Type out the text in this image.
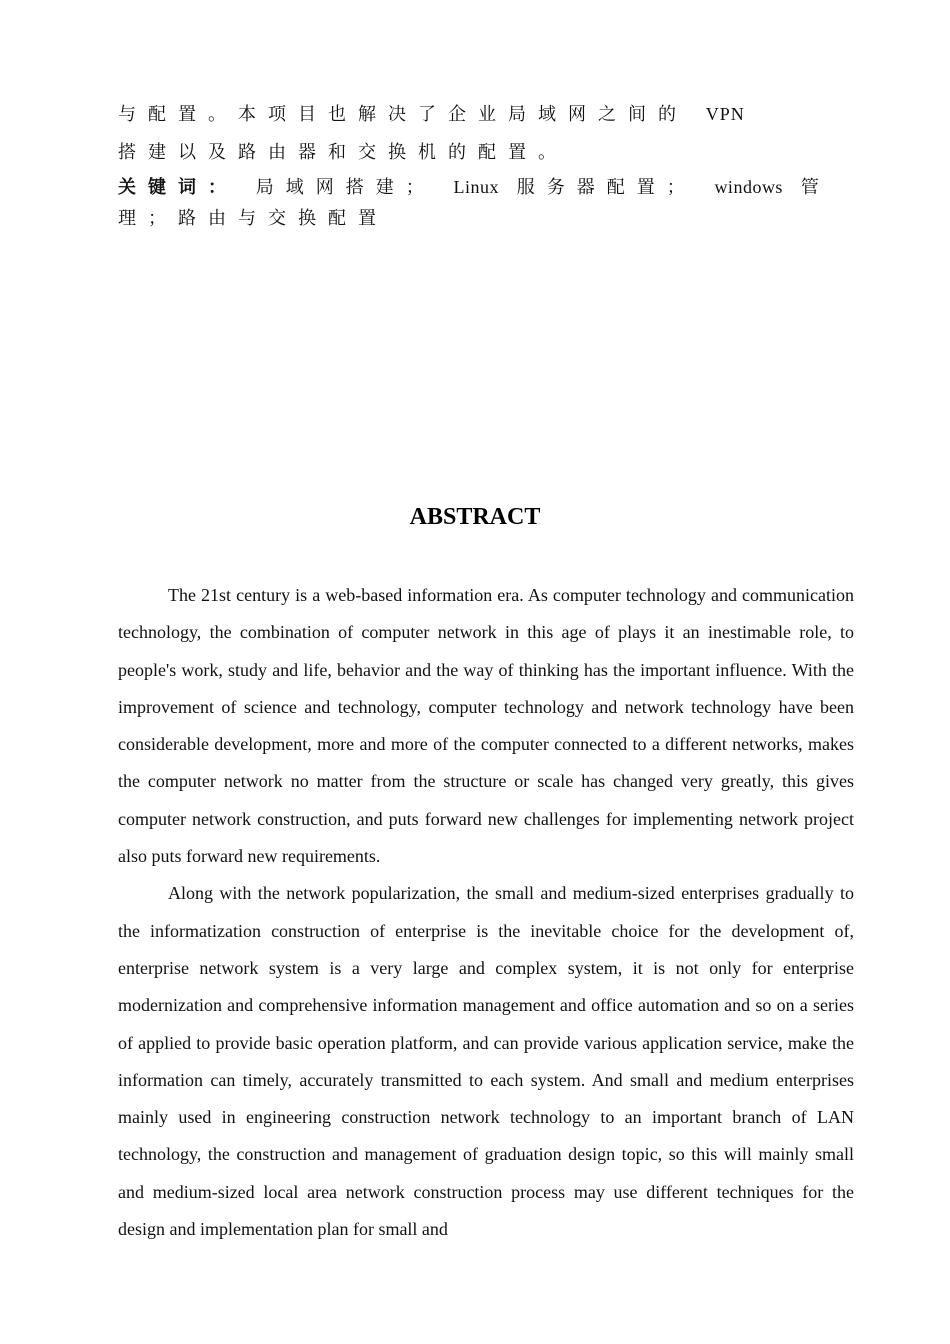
与配置。本项目也解决了企业局域网之间的 VPN
搭建以及路由器和交换机的配置。
关键词： 局域网搭建； Linux 服务器配置； windows 管理；路由与交换配置
ABSTRACT

The 21st century is a web-based information era. As computer technology and communication technology, the combination of computer network in this age of plays it an inestimable role, to people's work, study and life, behavior and the way of thinking has the important influence. With the improvement of science and technology, computer technology and network technology have been considerable development, more and more of the computer connected to a different networks, makes the computer network no matter from the structure or scale has changed very greatly, this gives computer network construction, and puts forward new challenges for implementing network project also puts forward new requirements.

Along with the network popularization, the small and medium-sized enterprises gradually to the informatization construction of enterprise is the inevitable choice for the development of, enterprise network system is a very large and complex system, it is not only for enterprise modernization and comprehensive information management and office automation and so on a series of applied to provide basic operation platform, and can provide various application service, make the information can timely, accurately transmitted to each system. And small and medium enterprises mainly used in engineering construction network technology to an important branch of LAN technology, the construction and management of graduation design topic, so this will mainly small and medium-sized local area network construction process may use different techniques for the design and implementation plan for small and
